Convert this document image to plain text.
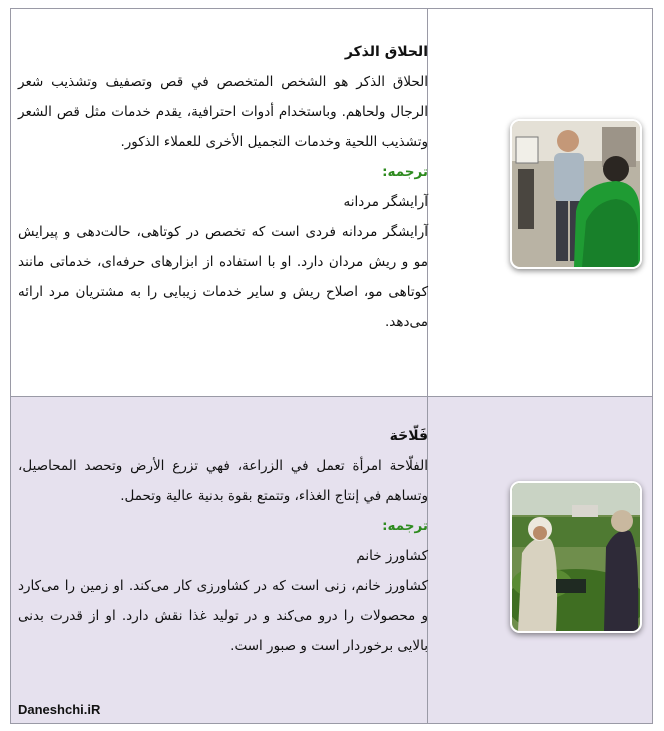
الحلاق الذكر
الحلاق الذكر هو الشخص المتخصص في قص وتصفيف وتشذيب شعر الرجال ولحاهم. وباستخدام أدوات احترافية، يقدم خدمات مثل قص الشعر وتشذيب اللحية وخدمات التجميل الأخرى للعملاء الذكور.
ترجمه:
آرایشگر مردانه
آرایشگر مردانه فردی است که تخصص در کوتاهی، حالت‌دهی و پیرایش مو و ریش مردان دارد. او با استفاده از ابزارهای حرفه‌ای، خدماتی مانند کوتاهی مو، اصلاح ریش و سایر خدمات زیبایی را به مشتریان مرد ارائه می‌دهد.
فَلّاحَة
الفلّاحة امرأة تعمل في الزراعة، فهي تزرع الأرض وتحصد المحاصيل، وتساهم في إنتاج الغذاء، وتتمتع بقوة بدنية عالية وتحمل.
ترجمه:
کشاورز خانم
کشاورز خانم، زنی است که در کشاورزی کار می‌کند. او زمین را می‌کارد و محصولات را درو می‌کند و در تولید غذا نقش دارد. او از قدرت بدنی بالایی برخوردار است و صبور است.
Daneshchi.iR
